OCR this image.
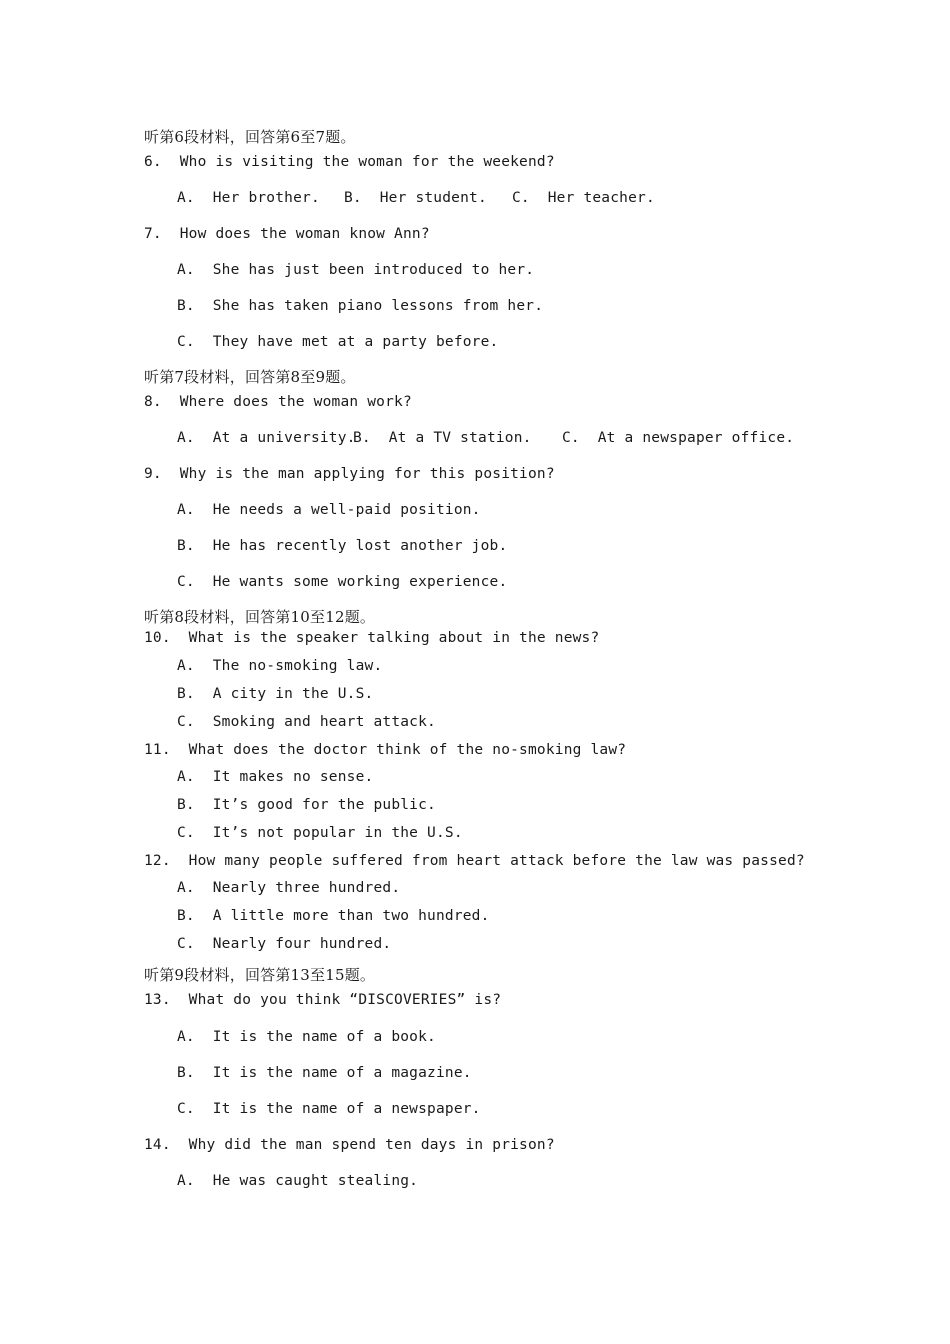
听第6段材料，回答第6至7题。
6.  Who is visiting the woman for the weekend?
A.  Her brother. B.  Her student. C.  Her teacher.
7.  How does the woman know Ann?
A.  She has just been introduced to her.
B.  She has taken piano lessons from her.
C.  They have met at a party before.
听第7段材料，回答第8至9题。
8.  Where does the woman work?
A.  At a university.
B.  At a TV station. C.  At a newspaper office.
9.  Why is the man applying for this position?
A.  He needs a well-paid position.
B.  He has recently lost another job.
C.  He wants some working experience.
听第8段材料，回答第10至12题。
10.  What is the speaker talking about in the news?
A.  The no-smoking law.
B.  A city in the U.S.
C.  Smoking and heart attack.
11.  What does the doctor think of the no-smoking law?
A.  It makes no sense.
B.  It’s good for the public.
C.  It’s not popular in the U.S.
12.  How many people suffered from heart attack before the law was passed?
A.  Nearly three hundred.
B.  A little more than two hundred.
C.  Nearly four hundred.
听第9段材料，回答第13至15题。
13.  What do you think “DISCOVERIES” is?
A.  It is the name of a book.
B.  It is the name of a magazine.
C.  It is the name of a newspaper.
14.  Why did the man spend ten days in prison?
A.  He was caught stealing.
